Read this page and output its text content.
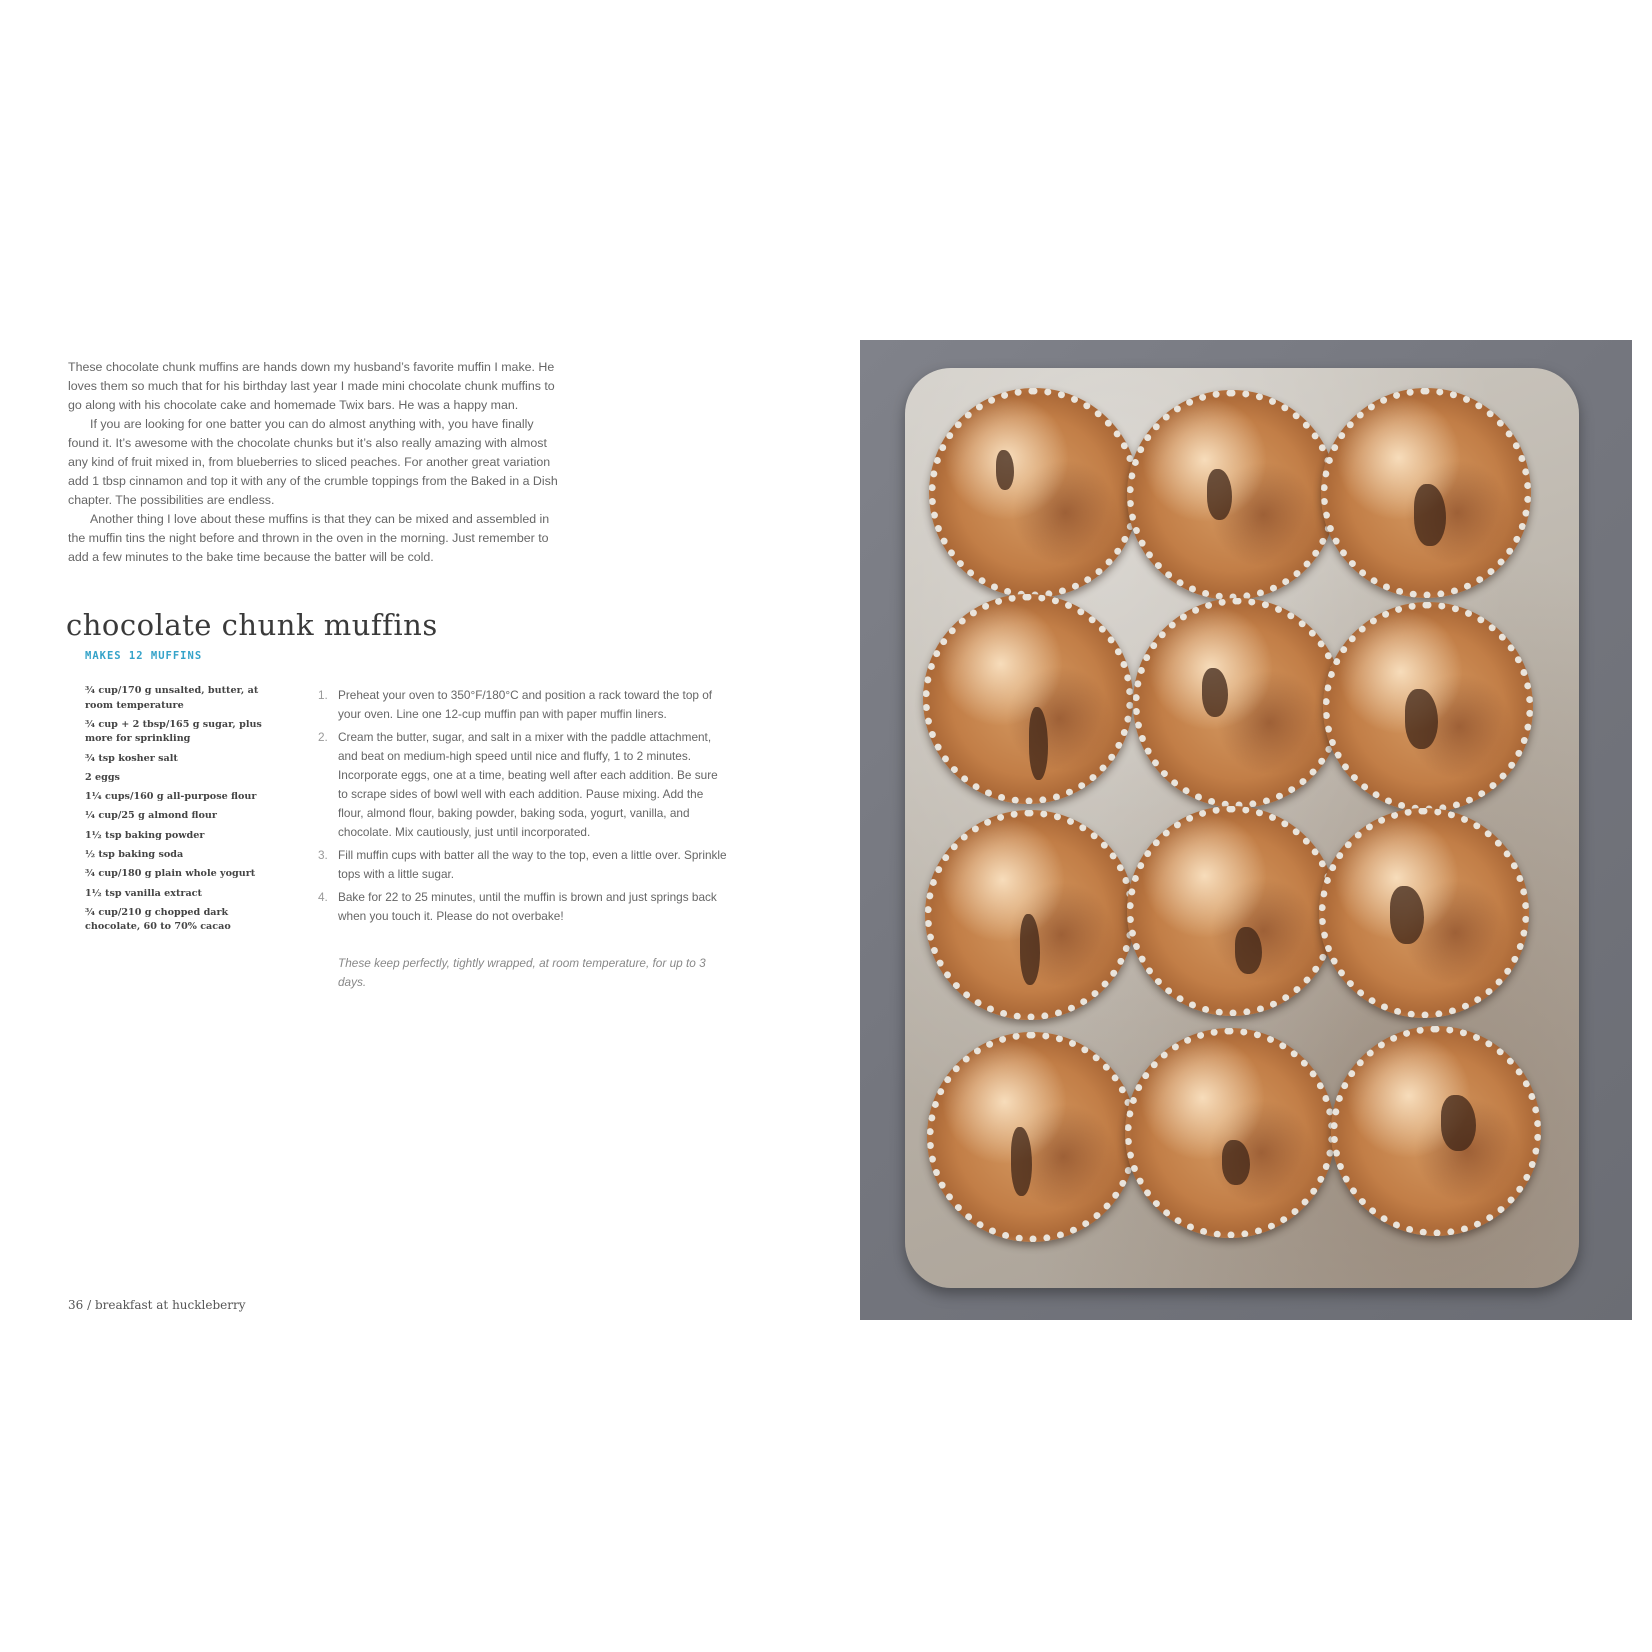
These chocolate chunk muffins are hands down my husband’s favorite muffin I make. He loves them so much that for his birthday last year I made mini chocolate chunk muffins to go along with his chocolate cake and homemade Twix bars. He was a happy man.

If you are looking for one batter you can do almost anything with, you have finally found it. It’s awesome with the chocolate chunks but it’s also really amazing with almost any kind of fruit mixed in, from blueberries to sliced peaches. For another great variation add 1 tbsp cinnamon and top it with any of the crumble toppings from the Baked in a Dish chapter. The possibilities are endless.

Another thing I love about these muffins is that they can be mixed and assembled in the muffin tins the night before and thrown in the oven in the morning. Just remember to add a few minutes to the bake time because the batter will be cold.

chocolate chunk muffins
MAKES 12 MUFFINS
¾ cup/170 g unsalted, butter, at room temperature
¾ cup + 2 tbsp/165 g sugar, plus more for sprinkling
¾ tsp kosher salt
2 eggs
1¼ cups/160 g all-purpose flour
¼ cup/25 g almond flour
1½ tsp baking powder
½ tsp baking soda
¾ cup/180 g plain whole yogurt
1½ tsp vanilla extract
¾ cup/210 g chopped dark chocolate, 60 to 70% cacao
1. Preheat your oven to 350°F/180°C and position a rack toward the top of your oven. Line one 12-cup muffin pan with paper muffin liners.
2. Cream the butter, sugar, and salt in a mixer with the paddle attachment, and beat on medium-high speed until nice and fluffy, 1 to 2 minutes. Incorporate eggs, one at a time, beating well after each addition. Be sure to scrape sides of bowl well with each addition. Pause mixing. Add the flour, almond flour, baking powder, baking soda, yogurt, vanilla, and chocolate. Mix cautiously, just until incorporated.
3. Fill muffin cups with batter all the way to the top, even a little over. Sprinkle tops with a little sugar.
4. Bake for 22 to 25 minutes, until the muffin is brown and just springs back when you touch it. Please do not overbake!

These keep perfectly, tightly wrapped, at room temperature, for up to 3 days.

36 / breakfast at huckleberry
